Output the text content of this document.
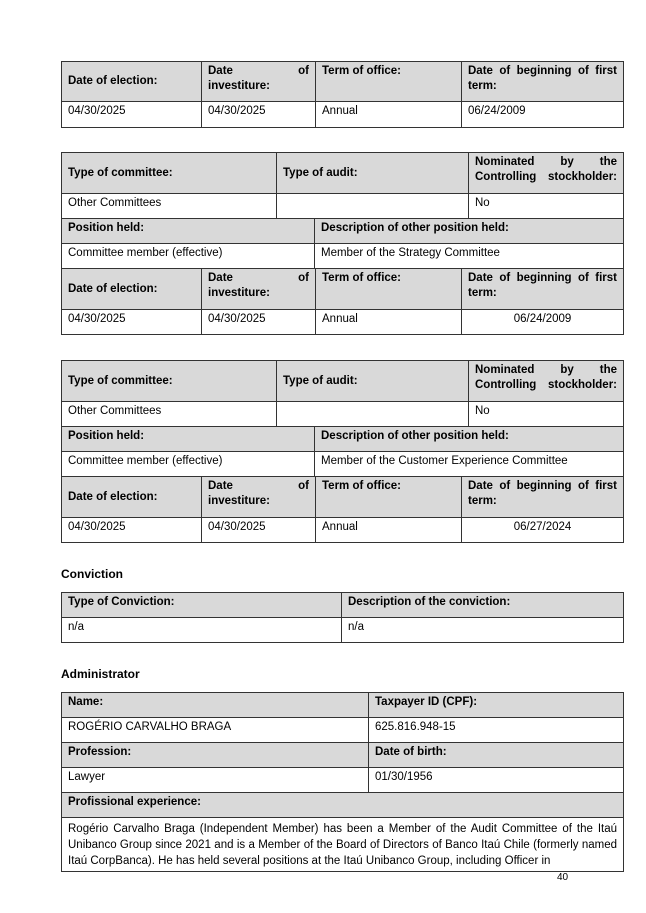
Date of election:	Date of investiture:	Term of office:	Date of beginning of first term:
04/30/2025	04/30/2025	Annual	06/24/2009
Type of committee:	Type of audit:	Nominated by the Controlling stockholder:
Other Committees		No
Position held:	Description of other position held:
Committee member (effective)	Member of the Strategy Committee
Date of election:	Date of investiture:	Term of office:	Date of beginning of first term:
04/30/2025	04/30/2025	Annual	06/24/2009
Type of committee:	Type of audit:	Nominated by the Controlling stockholder:
Other Committees		No
Position held:	Description of other position held:
Committee member (effective)	Member of the Customer Experience Committee
Date of election:	Date of investiture:	Term of office:	Date of beginning of first term:
04/30/2025	04/30/2025	Annual	06/27/2024
Conviction
Type of Conviction:	Description of the conviction:
n/a	n/a
Administrator
Name:	Taxpayer ID (CPF):
ROGÉRIO CARVALHO BRAGA	625.816.948-15
Profession:	Date of birth:
Lawyer	01/30/1956
Profissional experience:	
Rogério Carvalho Braga (Independent Member) has been a Member of the Audit Committee of the Itaú Unibanco Group since 2021 and is a Member of the Board of Directors of Banco Itaú Chile (formerly named Itaú CorpBanca). He has held several positions at the Itaú Unibanco Group, including Officer in	
40
